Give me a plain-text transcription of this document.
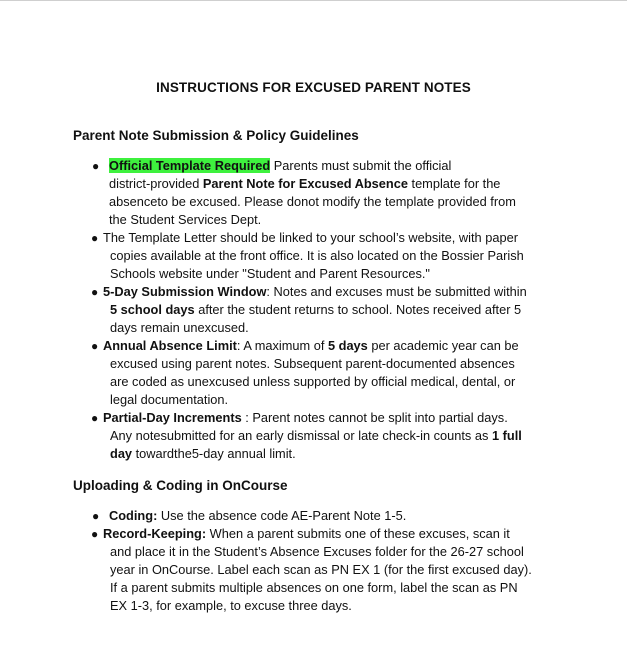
INSTRUCTIONS FOR EXCUSED PARENT NOTES
Parent Note Submission & Policy Guidelines
● Official Template Required Parents must submit the official
district-provided Parent Note for Excused Absence template for the
absenceto be excused. Please donot modify the template provided from
the Student Services Dept.
● The Template Letter should be linked to your school’s website, with paper
copies available at the front office. It is also located on the Bossier Parish
Schools website under "Student and Parent Resources."
● 5-Day Submission Window: Notes and excuses must be submitted within
5 school days after the student returns to school. Notes received after 5
days remain unexcused.
● Annual Absence Limit: A maximum of 5 days per academic year can be
excused using parent notes. Subsequent parent-documented absences
are coded as unexcused unless supported by official medical, dental, or
legal documentation.
● Partial-Day Increments : Parent notes cannot be split into partial days.
Any notesubmitted for an early dismissal or late check-in counts as 1 full
day towardthe5-day annual limit.
Uploading & Coding in OnCourse
● Coding: Use the absence code AE-Parent Note 1-5.
● Record-Keeping: When a parent submits one of these excuses, scan it
and place it in the Student’s Absence Excuses folder for the 26-27 school
year in OnCourse. Label each scan as PN EX 1 (for the first excused day).
If a parent submits multiple absences on one form, label the scan as PN
EX 1-3, for example, to excuse three days.
